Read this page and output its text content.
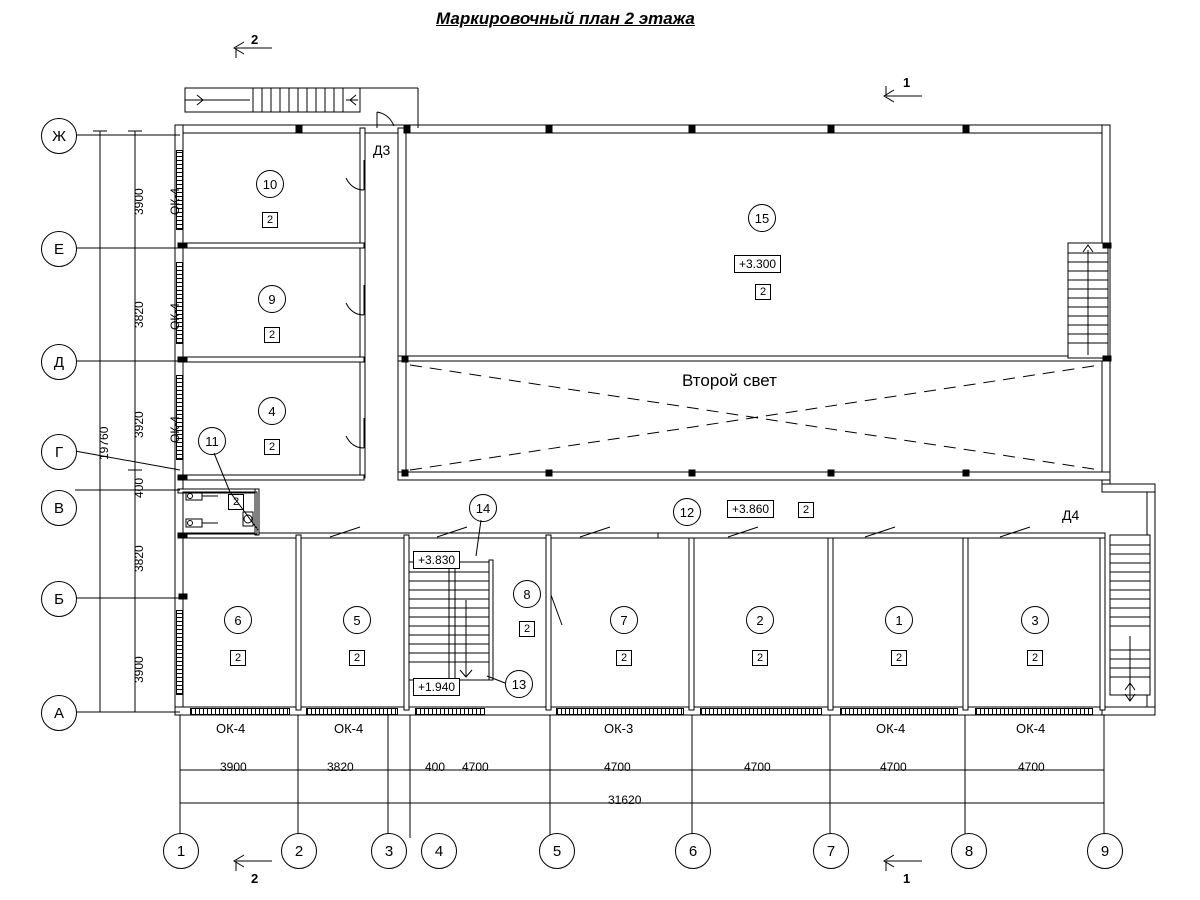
Маркировочный план 2 этажа
2
1
2	1
Ж
Е
Д
Г
В
Б
А
1	2	3	4	5	6	7	8	9
3900
3820
3920
400
3820
3900
19760
ОК-4
ОК-4
ОК-4
3900	3820	400 4700	4700	4700	4700	4700
31620
ОК-4	ОК-4	ОК-3	ОК-4	ОК-4
10
2
9
2
4
2
11
2
15
+3.300
2
14
+3.830
12	+3.860	2
6
2
5
2
8
2
7
2
2
2
1
2
3
2
13
+1.940
Второй свет
Д3
Д4
